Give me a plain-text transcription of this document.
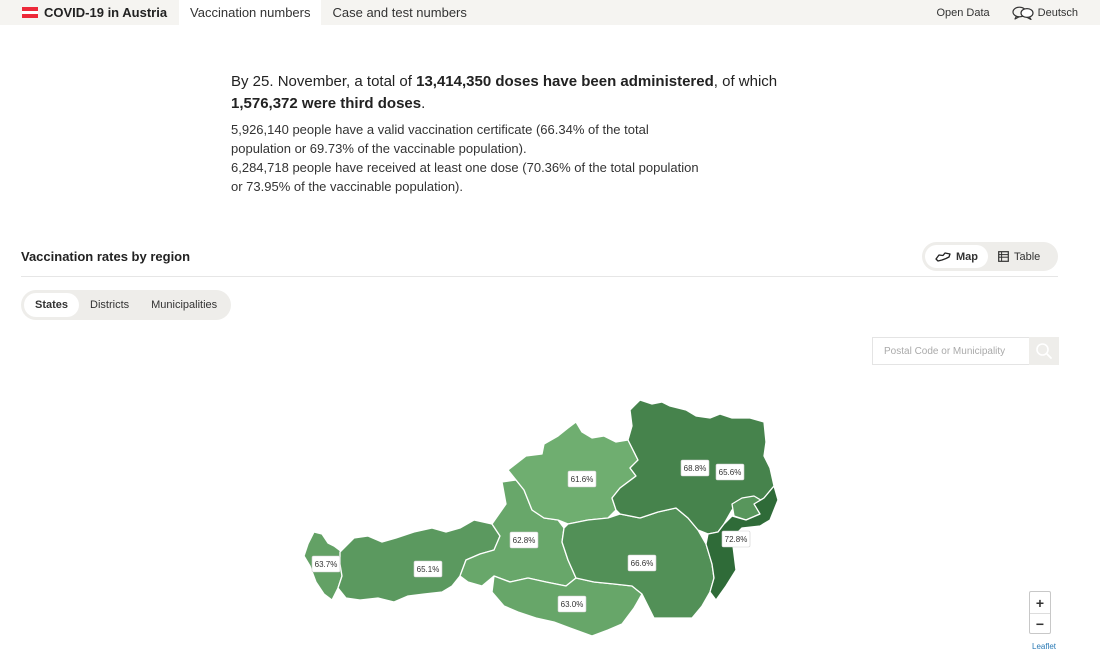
COVID-19 in Austria	Vaccination numbers	Case and test numbers	Open Data	Deutsch

By 25. November, a total of 13,414,350 doses have been administered, of which 1,576,372 were third doses.

5,926,140 people have a valid vaccination certificate (66.34% of the total population or 69.73% of the vaccinable population).

6,284,718 people have received at least one dose (70.36% of the total population or 73.95% of the vaccinable population).

Vaccination rates by region	Map	Table
States	Districts	Municipalities
Postal Code or Municipality
63.7%
65.1%
62.8%
61.6%
63.0%
66.6%
68.8% 65.6%
72.8%
+
−
Leaflet
